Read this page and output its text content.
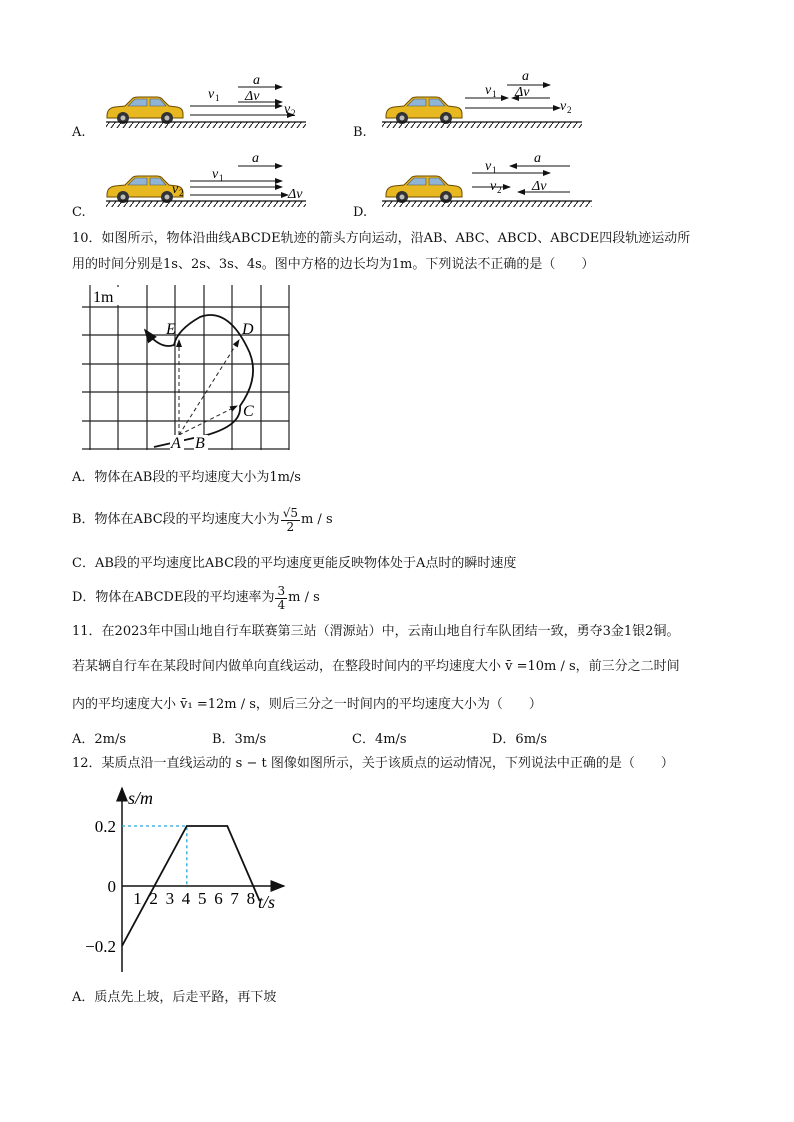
a
Δv
v 1
v 2
a
Δv
v 1
v 2
a
v 1
v 2	Δv
a
v 1
v 2 Δv
A.	B.
C.	D.
10．如图所示，物体沿曲线ABCDE轨迹的箭头方向运动，沿AB、ABC、ABCD、ABCDE四段轨迹运动所
用的时间分别是1s、2s、3s、4s。图中方格的边长均为1m。下列说法不正确的是（　　）
1m
A B
C
D
E
A．物体在AB段的平均速度大小为1m/s
B．物体在ABC段的平均速度大小为 $\frac{√5}{2}$ m / s
C．AB段的平均速度比ABC段的平均速度更能反映物体处于A点时的瞬时速度
D．物体在ABCDE段的平均速率为 $\frac{3}{4}$ m / s
11．在2023年中国山地自行车联赛第三站（渭源站）中，云南山地自行车队团结一致，勇夺3金1银2铜。
若某辆自行车在某段时间内做单向直线运动，在整段时间内的平均速度大小 v̄ =10m / s，前三分之二时间
内的平均速度大小 v̄₁ =12m / s，则后三分之一时间内的平均速度大小为（　　）
A．2m/s	B．3m/s	C．4m/s	D．6m/s
12．某质点沿一直线运动的 s − t 图像如图所示，关于该质点的运动情况，下列说法中正确的是（　　）
s/m
t/s
1 2 3 4 5 6 7 8
0.2
0
−0.2
A．质点先上坡，后走平路，再下坡
